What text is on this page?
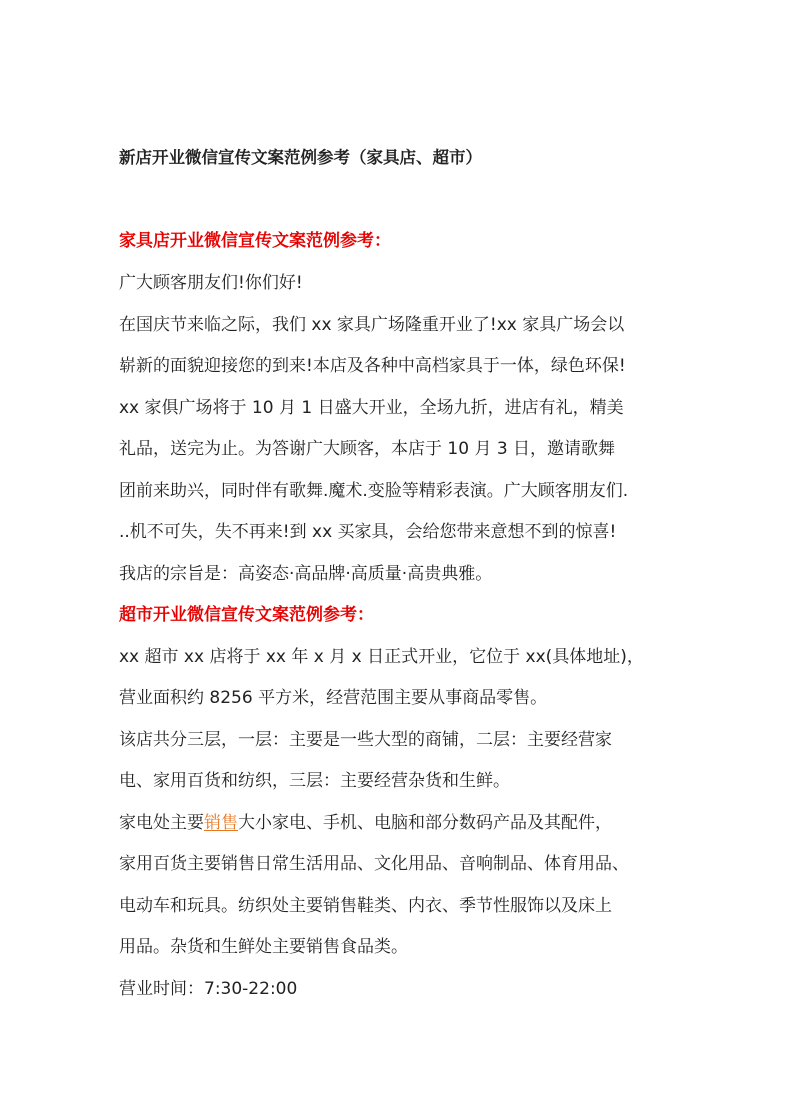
新店开业微信宣传文案范例参考（家具店、超市）
家具店开业微信宣传文案范例参考：
广大顾客朋友们!你们好!
在国庆节来临之际，我们 xx 家具广场隆重开业了!xx 家具广场会以
崭新的面貌迎接您的到来!本店及各种中高档家具于一体，绿色环保!
xx 家俱广场将于 10 月 1 日盛大开业，全场九折，进店有礼，精美
礼品，送完为止。为答谢广大顾客，本店于 10 月 3 日，邀请歌舞
团前来助兴，同时伴有歌舞.魔术.变脸等精彩表演。广大顾客朋友们.
..机不可失，失不再来!到 xx 买家具，会给您带来意想不到的惊喜!
我店的宗旨是：高姿态·高品牌·高质量·高贵典雅。
超市开业微信宣传文案范例参考：
xx 超市 xx 店将于 xx 年 x 月 x 日正式开业，它位于 xx(具体地址)，
营业面积约 8256 平方米，经营范围主要从事商品零售。
该店共分三层，一层：主要是一些大型的商铺，二层：主要经营家
电、家用百货和纺织，三层：主要经营杂货和生鲜。
家电处主要销售大小家电、手机、电脑和部分数码产品及其配件，
家用百货主要销售日常生活用品、文化用品、音响制品、体育用品、
电动车和玩具。纺织处主要销售鞋类、内衣、季节性服饰以及床上
用品。杂货和生鲜处主要销售食品类。
营业时间：7:30-22:00
